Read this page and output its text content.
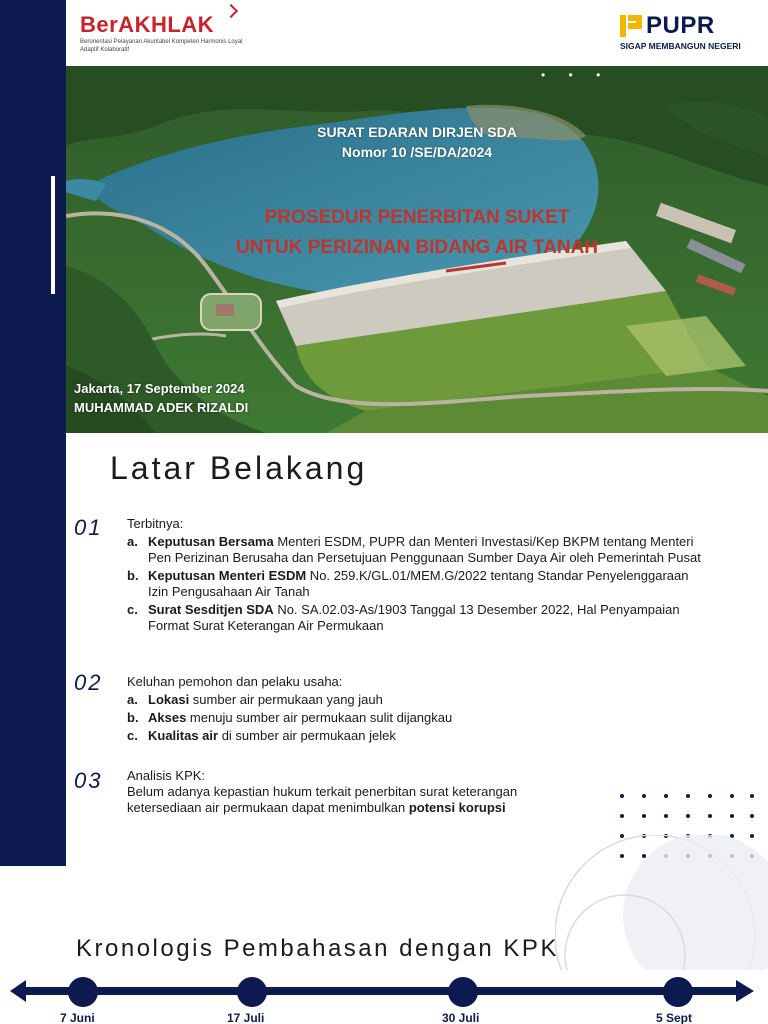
BerAKHLAK
Berorientasi Pelayanan Akuntabel Kompeten Harmonis Loyal Adaptif Kolaboratif
PUPR
SIGAP MEMBANGUN NEGERI
• • •
SURAT EDARAN DIRJEN SDA
Nomor 10 /SE/DA/2024
PROSEDUR PENERBITAN SUKET
UNTUK PERIZINAN BIDANG AIR TANAH
Jakarta, 17 September 2024
MUHAMMAD ADEK RIZALDI
Latar Belakang
01 Terbitnya:
a. Keputusan Bersama Menteri ESDM, PUPR dan Menteri Investasi/Kep BKPM tentang Menteri Pen Perizinan Berusaha dan Persetujuan Penggunaan Sumber Daya Air oleh Pemerintah Pusat
b. Keputusan Menteri ESDM No. 259.K/GL.01/MEM.G/2022 tentang Standar Penyelenggaraan Izin Pengusahaan Air Tanah
c. Surat Sesditjen SDA No. SA.02.03-As/1903 Tanggal 13 Desember 2022, Hal Penyampaian Format Surat Keterangan Air Permukaan
02 Keluhan pemohon dan pelaku usaha:
a. Lokasi sumber air permukaan yang jauh
b. Akses menuju sumber air permukaan sulit dijangkau
c. Kualitas air di sumber air permukaan jelek
03 Analisis KPK:
Belum adanya kepastian hukum terkait penerbitan surat keterangan ketersediaan air permukaan dapat menimbulkan potensi korupsi
Kronologis Pembahasan dengan KPK
7 Juni	17 Juli	30 Juli	5 Sept
